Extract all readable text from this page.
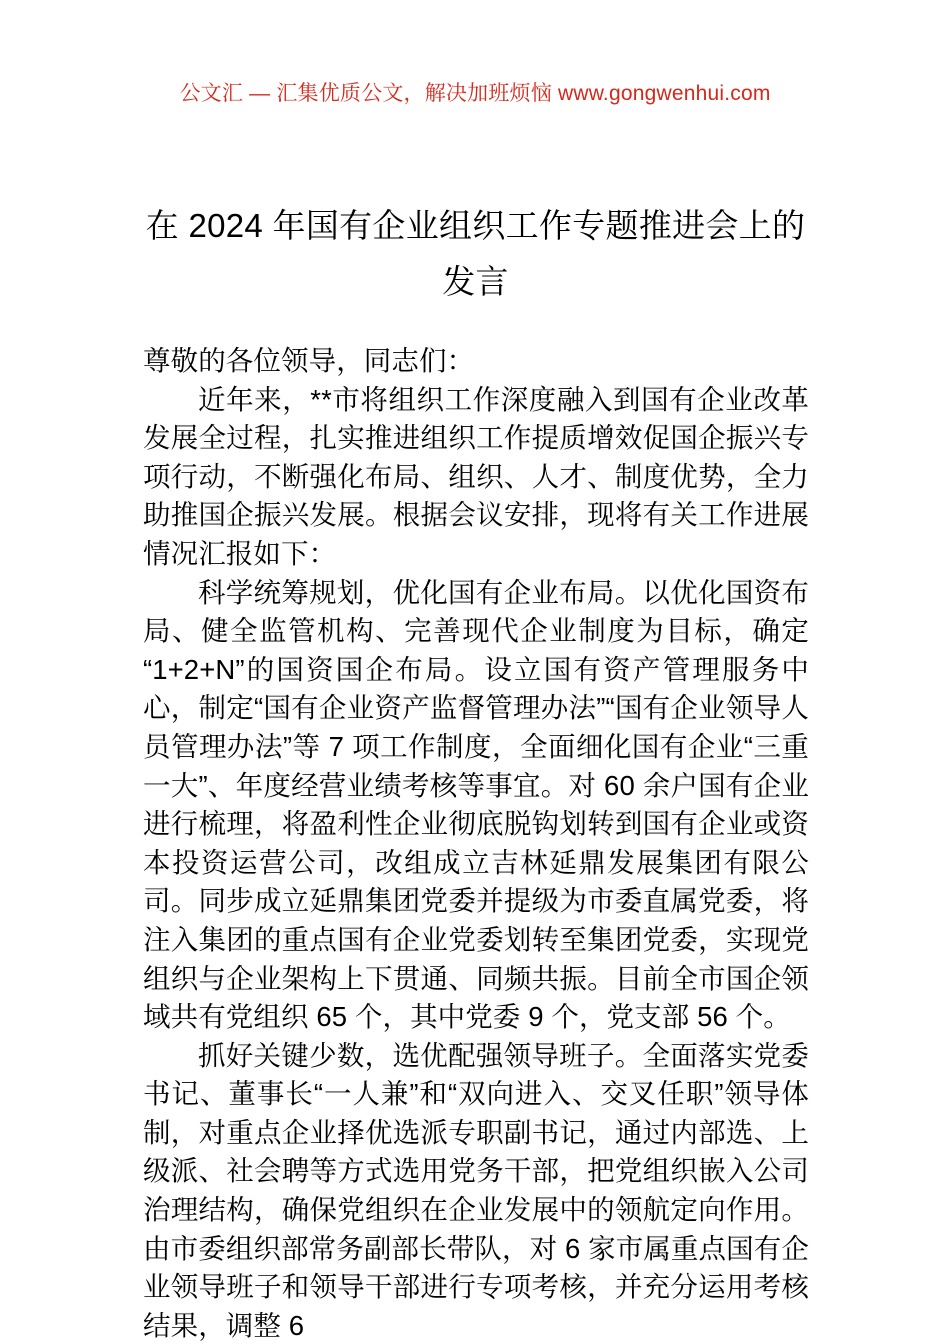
公文汇 — 汇集优质公文，解决加班烦恼 www.gongwenhui.com
在 2024 年国有企业组织工作专题推进会上的发言

尊敬的各位领导，同志们：

近年来，**市将组织工作深度融入到国有企业改革发展全过程，扎实推进组织工作提质增效促国企振兴专项行动，不断强化布局、组织、人才、制度优势，全力助推国企振兴发展。根据会议安排，现将有关工作进展情况汇报如下：

科学统筹规划，优化国有企业布局。以优化国资布局、健全监管机构、完善现代企业制度为目标，确定“1+2+N”的国资国企布局。设立国有资产管理服务中心，制定“国有企业资产监督管理办法”“国有企业领导人员管理办法”等 7 项工作制度，全面细化国有企业“三重一大”、年度经营业绩考核等事宜。对 60 余户国有企业进行梳理，将盈利性企业彻底脱钩划转到国有企业或资本投资运营公司，改组成立吉林延鼎发展集团有限公司。同步成立延鼎集团党委并提级为市委直属党委，将注入集团的重点国有企业党委划转至集团党委，实现党组织与企业架构上下贯通、同频共振。目前全市国企领域共有党组织 65 个，其中党委 9 个，党支部 56 个。

抓好关键少数，选优配强领导班子。全面落实党委书记、董事长“一人兼”和“双向进入、交叉任职”领导体制，对重点企业择优选派专职副书记，通过内部选、上级派、社会聘等方式选用党务干部，把党组织嵌入公司治理结构，确保党组织在企业发展中的领航定向作用。由市委组织部常务副部长带队，对 6 家市属重点国有企业领导班子和领导干部进行专项考核，并充分运用考核结果，调整 6
